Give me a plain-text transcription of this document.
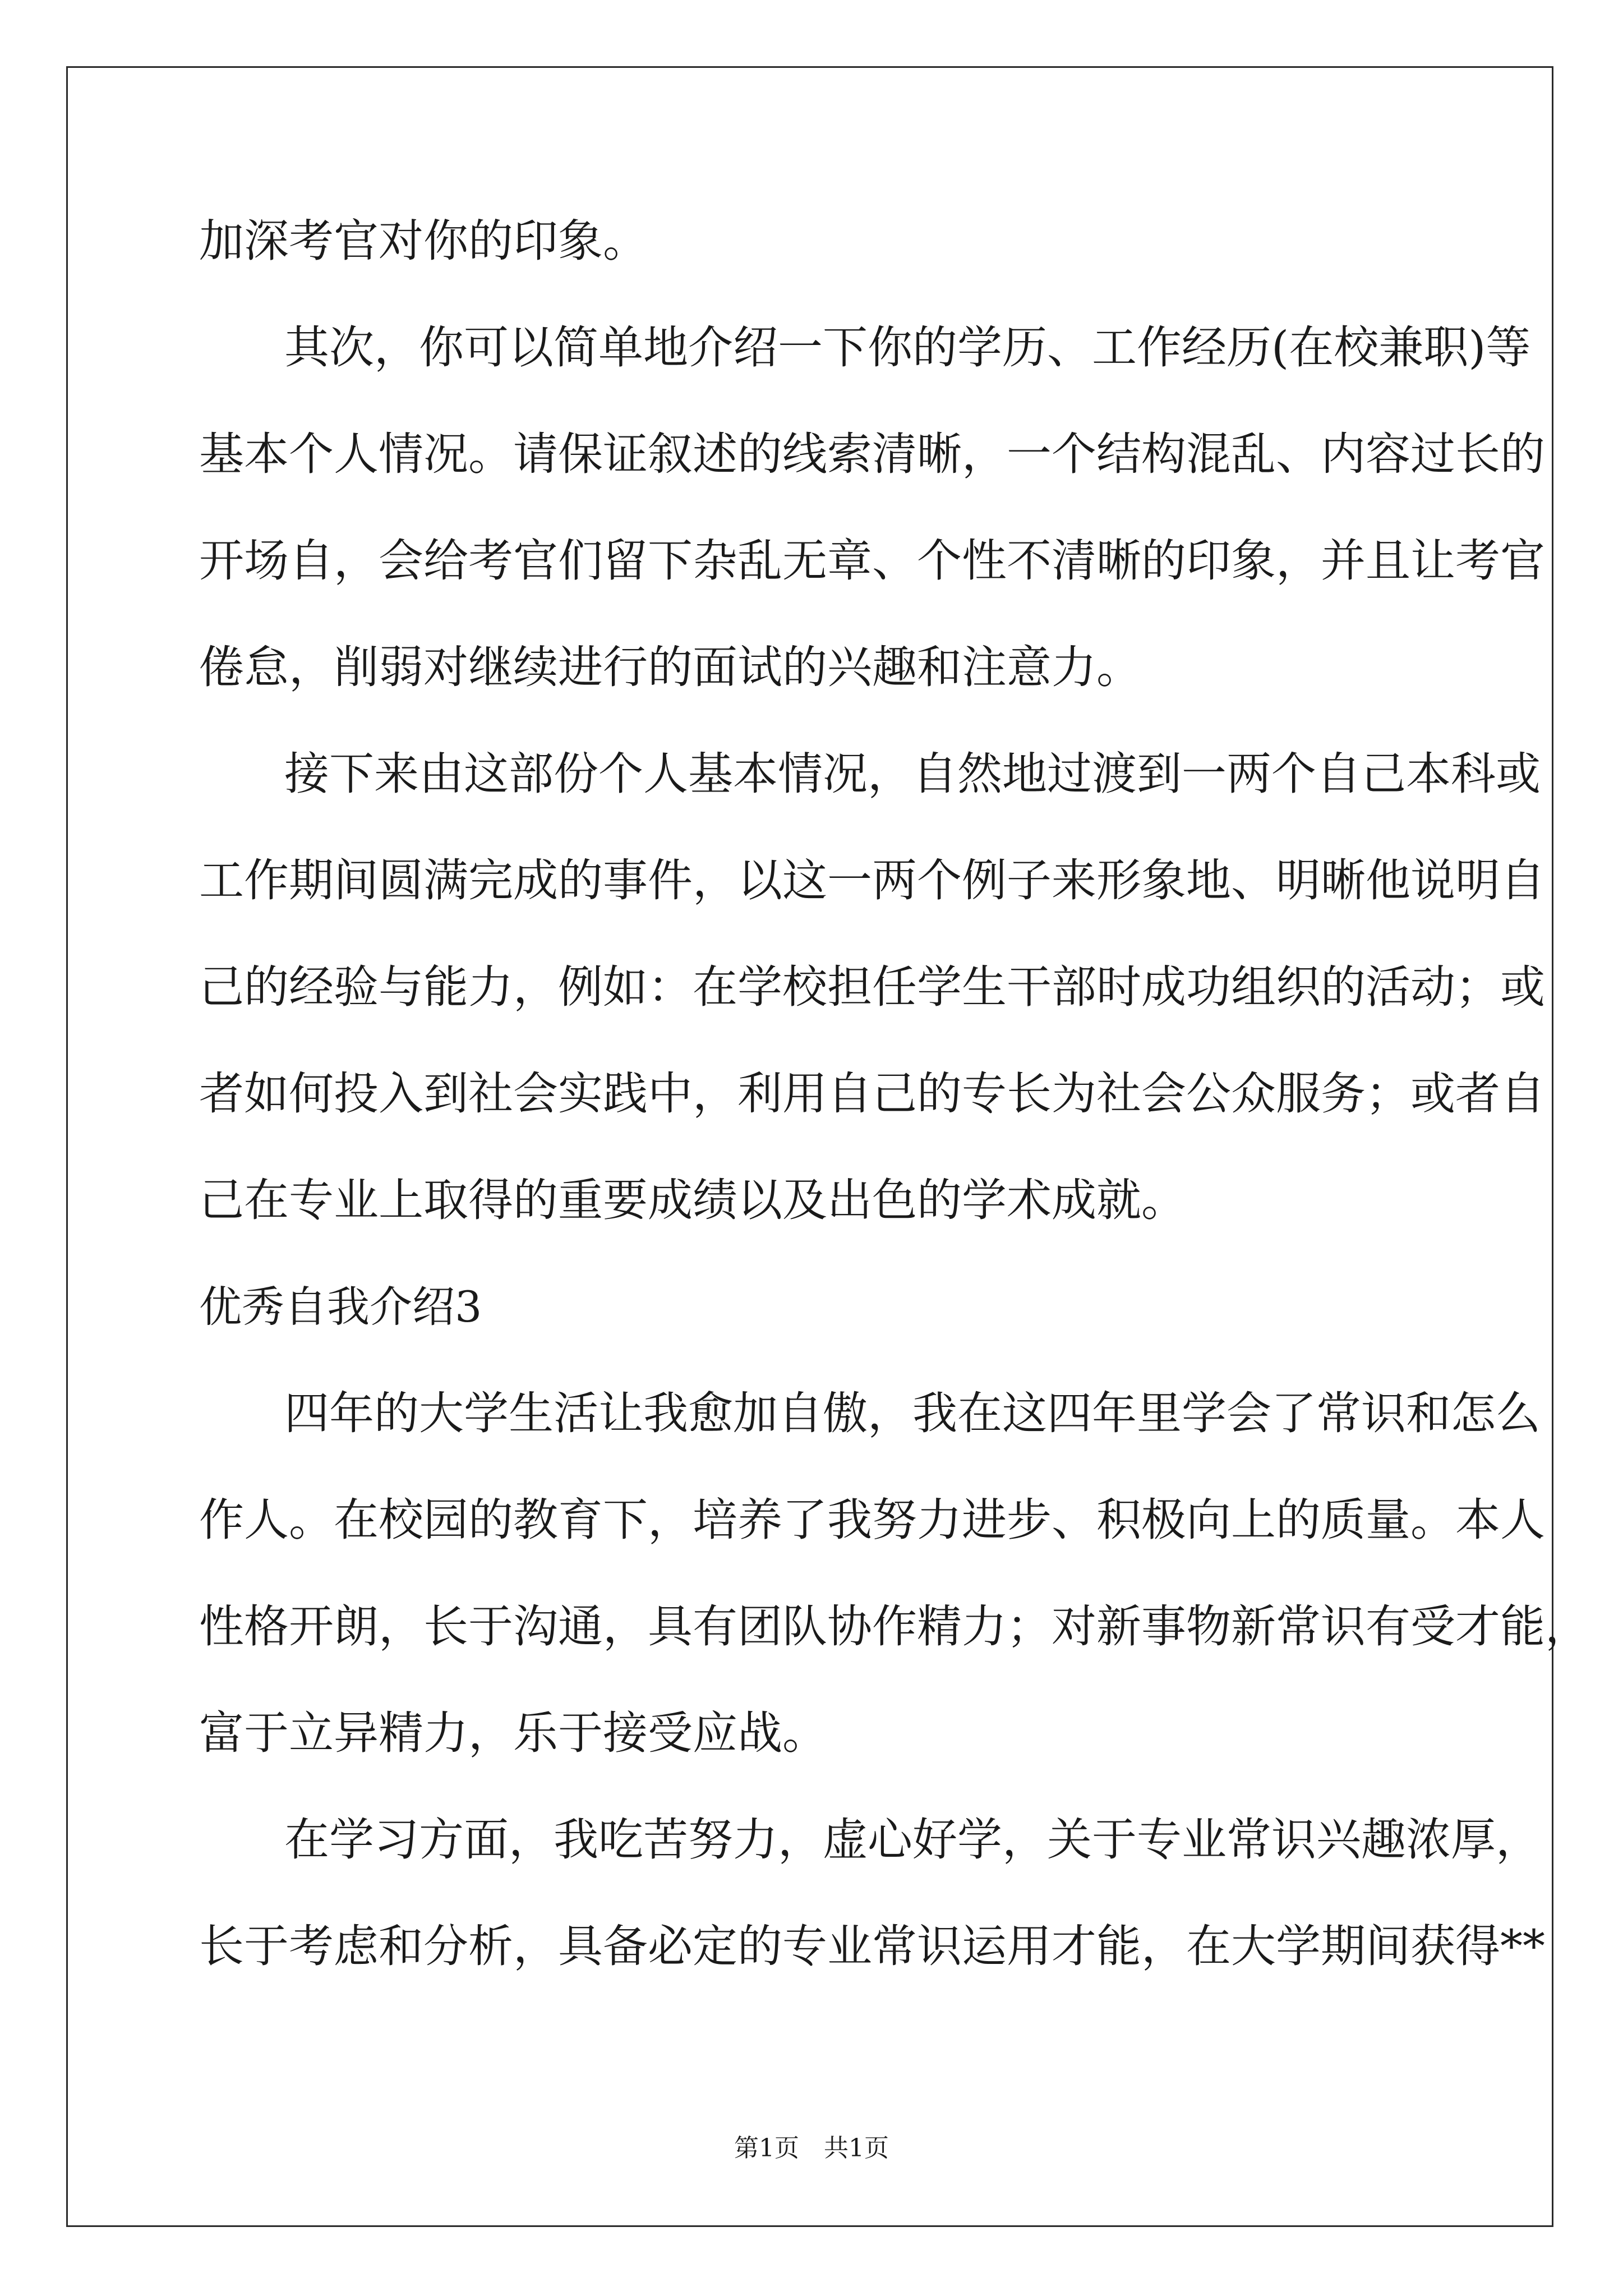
加深考官对你的印象。
其次，你可以简单地介绍一下你的学历、工作经历(在校兼职)等
基本个人情况。请保证叙述的线索清晰，一个结构混乱、内容过长的
开场自，会给考官们留下杂乱无章、个性不清晰的印象，并且让考官
倦怠，削弱对继续进行的面试的兴趣和注意力。
接下来由这部份个人基本情况，自然地过渡到一两个自己本科或
工作期间圆满完成的事件，以这一两个例子来形象地、明晰他说明自
己的经验与能力，例如：在学校担任学生干部时成功组织的活动；或
者如何投入到社会实践中，利用自己的专长为社会公众服务；或者自
己在专业上取得的重要成绩以及出色的学术成就。
优秀自我介绍3
四年的大学生活让我愈加自傲，我在这四年里学会了常识和怎么
作人。在校园的教育下，培养了我努力进步、积极向上的质量。本人
性格开朗，长于沟通，具有团队协作精力；对新事物新常识有受才能，
富于立异精力，乐于接受应战。
在学习方面，我吃苦努力，虚心好学，关于专业常识兴趣浓厚，
长于考虑和分析，具备必定的专业常识运用才能，在大学期间获得**
第1页　共1页
